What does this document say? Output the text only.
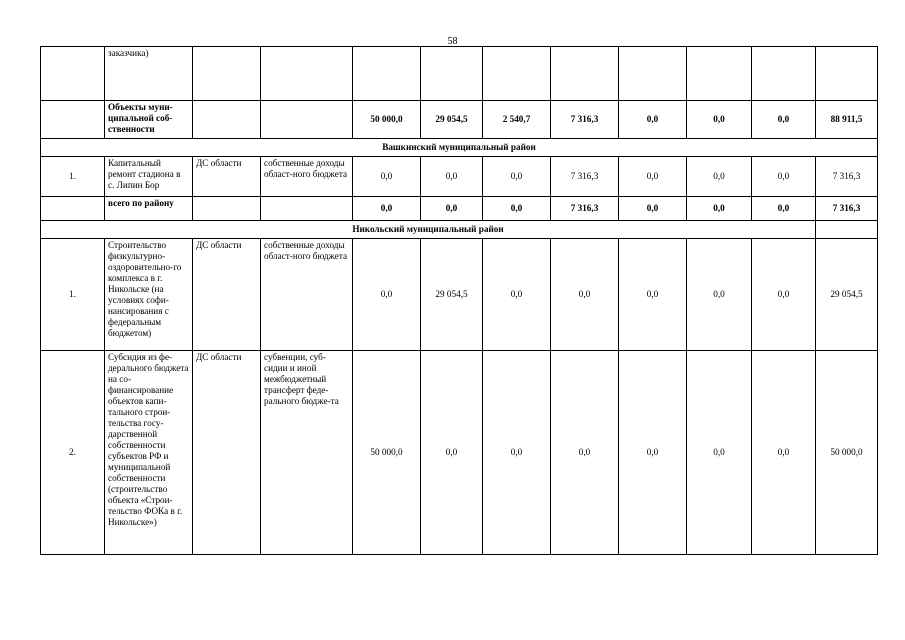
58
	заказчика)										
	Объекты муни-ципальной соб-ственности			50 000,0	29 054,5	2 540,7	7 316,3	0,0	0,0	0,0	88 911,5
Вашкинский муниципальный район											
1.	Капитальный ремонт стадиона в с. Липин Бор	ДС области	собственные доходы област-ного бюджета	0,0	0,0	0,0	7 316,3	0,0	0,0	0,0	7 316,3
	всего по району			0,0	0,0	0,0	7 316,3	0,0	0,0	0,0	7 316,3
Никольский муниципальный район											
1.	Строительство физкультурно-оздоровительно-го комплекса в г. Никольске (на условиях софи-нансирования с федеральным бюджетом)	ДС области	собственные доходы област-ного бюджета	0,0	29 054,5	0,0	0,0	0,0	0,0	0,0	29 054,5
2.	Субсидия из фе-дерального бюджета на со-финансирование объектов капи-тального строи-тельства госу-дарственной собственности субъектов РФ и муниципальной собственности (строительство объекта «Строи-тельство ФОКа в г. Никольске»)	ДС области	субвенции, суб-сидии и иной межбюджетный трансферт феде-рального бюдже-та	50 000,0	0,0	0,0	0,0	0,0	0,0	0,0	50 000,0
